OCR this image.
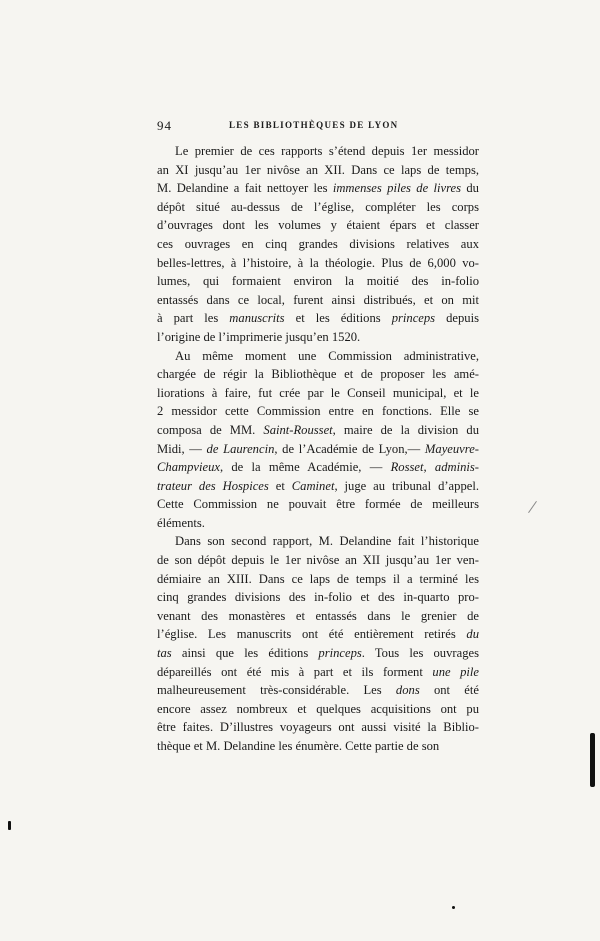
94	LES BIBLIOTHÈQUES DE LYON
Le premier de ces rapports s’étend depuis 1er messidor
an XI jusqu’au 1er nivôse an XII. Dans ce laps de temps,
M. Delandine a fait nettoyer les immenses piles de livres du
dépôt situé au-dessus de l’église, compléter les corps
d’ouvrages dont les volumes y étaient épars et classer
ces ouvrages en cinq grandes divisions relatives aux
belles-lettres, à l’histoire, à la théologie. Plus de 6,000 vo-
lumes, qui formaient environ la moitié des in-folio
entassés dans ce local, furent ainsi distribués, et on mit
à part les manuscrits et les éditions princeps depuis
l’origine de l’imprimerie jusqu’en 1520.
Au même moment une Commission administrative,
chargée de régir la Bibliothèque et de proposer les amé-
liorations à faire, fut crée par le Conseil municipal, et le
2 messidor cette Commission entre en fonctions. Elle se
composa de MM. Saint-Rousset, maire de la division du
Midi, — de Laurencin, de l’Académie de Lyon,— Mayeuvre-
Champvieux, de la même Académie, — Rosset, adminis-
trateur des Hospices et Caminet, juge au tribunal d’appel.
Cette Commission ne pouvait être formée de meilleurs
éléments.
Dans son second rapport, M. Delandine fait l’historique
de son dépôt depuis le 1er nivôse an XII jusqu’au 1er ven-
démiaire an XIII. Dans ce laps de temps il a terminé les
cinq grandes divisions des in-folio et des in-quarto pro-
venant des monastères et entassés dans le grenier de
l’église. Les manuscrits ont été entièrement retirés du
tas ainsi que les éditions princeps. Tous les ouvrages
dépareillés ont été mis à part et ils forment une pile
malheureusement très-considérable. Les dons ont été
encore assez nombreux et quelques acquisitions ont pu
être faites. D’illustres voyageurs ont aussi visité la Biblio-
thèque et M. Delandine les énumère. Cette partie de son
